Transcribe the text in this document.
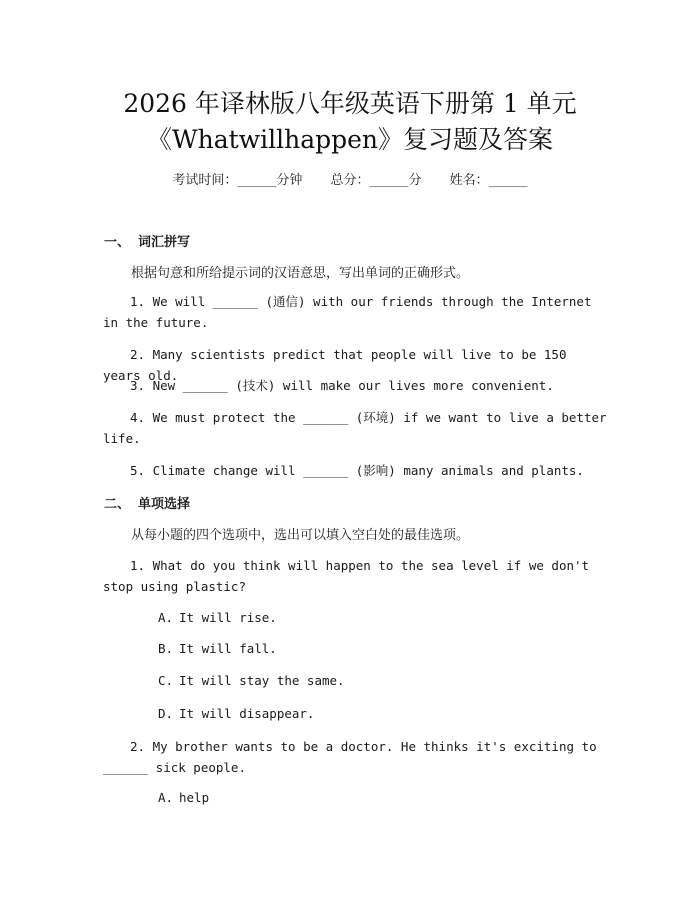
2026 年译林版八年级英语下册第 1 单元
《Whatwillhappen》复习题及答案
考试时间：______分钟 总分：______分 姓名：______
一、 词汇拼写
根据句意和所给提示词的汉语意思，写出单词的正确形式。
1. We will ______ (通信) with our friends through the Internet in the future.
2. Many scientists predict that people will live to be 150 years old.
3. New ______ (技术) will make our lives more convenient.
4. We must protect the ______ (环境) if we want to live a better life.
5. Climate change will ______ (影响) many animals and plants.
二、 单项选择
从每小题的四个选项中，选出可以填入空白处的最佳选项。
1. What do you think will happen to the sea level if we don't stop using plastic?
A. It will rise.
B. It will fall.
C. It will stay the same.
D. It will disappear.
2. My brother wants to be a doctor. He thinks it's exciting to ______ sick people.
A. help
